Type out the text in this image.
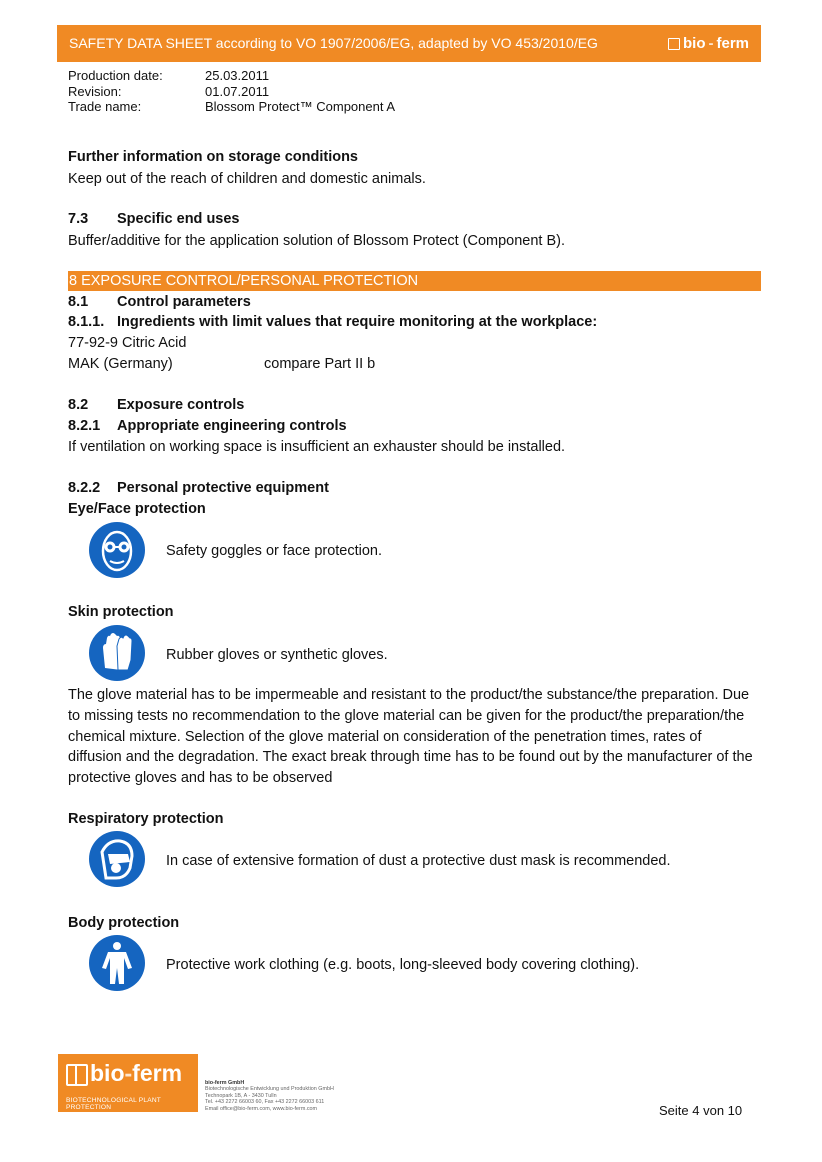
SAFETY DATA SHEET according to VO 1907/2006/EG, adapted by VO 453/2010/EG	bio - ferm
Production date:	25.03.2011
Revision:	01.07.2011
Trade name:	Blossom Protect™ Component A
Further information on storage conditions
Keep out of the reach of children and domestic animals.
7.3 Specific end uses
Buffer/additive for the application solution of Blossom Protect (Component B).
8 EXPOSURE CONTROL/PERSONAL PROTECTION
8.1 Control parameters
8.1.1. Ingredients with limit values that require monitoring at the workplace:
77-92-9 Citric Acid
MAK (Germany)	compare Part II b
8.2 Exposure controls
8.2.1 Appropriate engineering controls
If ventilation on working space is insufficient an exhauster should be installed.
8.2.2 Personal protective equipment
Eye/Face protection
Safety goggles or face protection.
Skin protection
Rubber gloves or synthetic gloves.
The glove material has to be impermeable and resistant to the product/the substance/the preparation. Due to missing tests no recommendation to the glove material can be given for the product/the preparation/the chemical mixture. Selection of the glove material on consideration of the penetration times, rates of diffusion and the degradation. The exact break through time has to be found out by the manufacturer of the protective gloves and has to be observed
Respiratory protection
In case of extensive formation of dust a protective dust mask is recommended.
Body protection
Protective work clothing (e.g. boots, long-sleeved body covering clothing).
bio-ferm
BIOTECHNOLOGICAL PLANT PROTECTION
bio-ferm GmbH
Biotechnologische Entwicklung und Produktion GmbH
Technopark 1B, A - 3430 Tulln
Tel. +43 2272 66003 60, Fax +43 2272 66003 611
Email office@bio-ferm.com, www.bio-ferm.com	Seite 4 von 10
